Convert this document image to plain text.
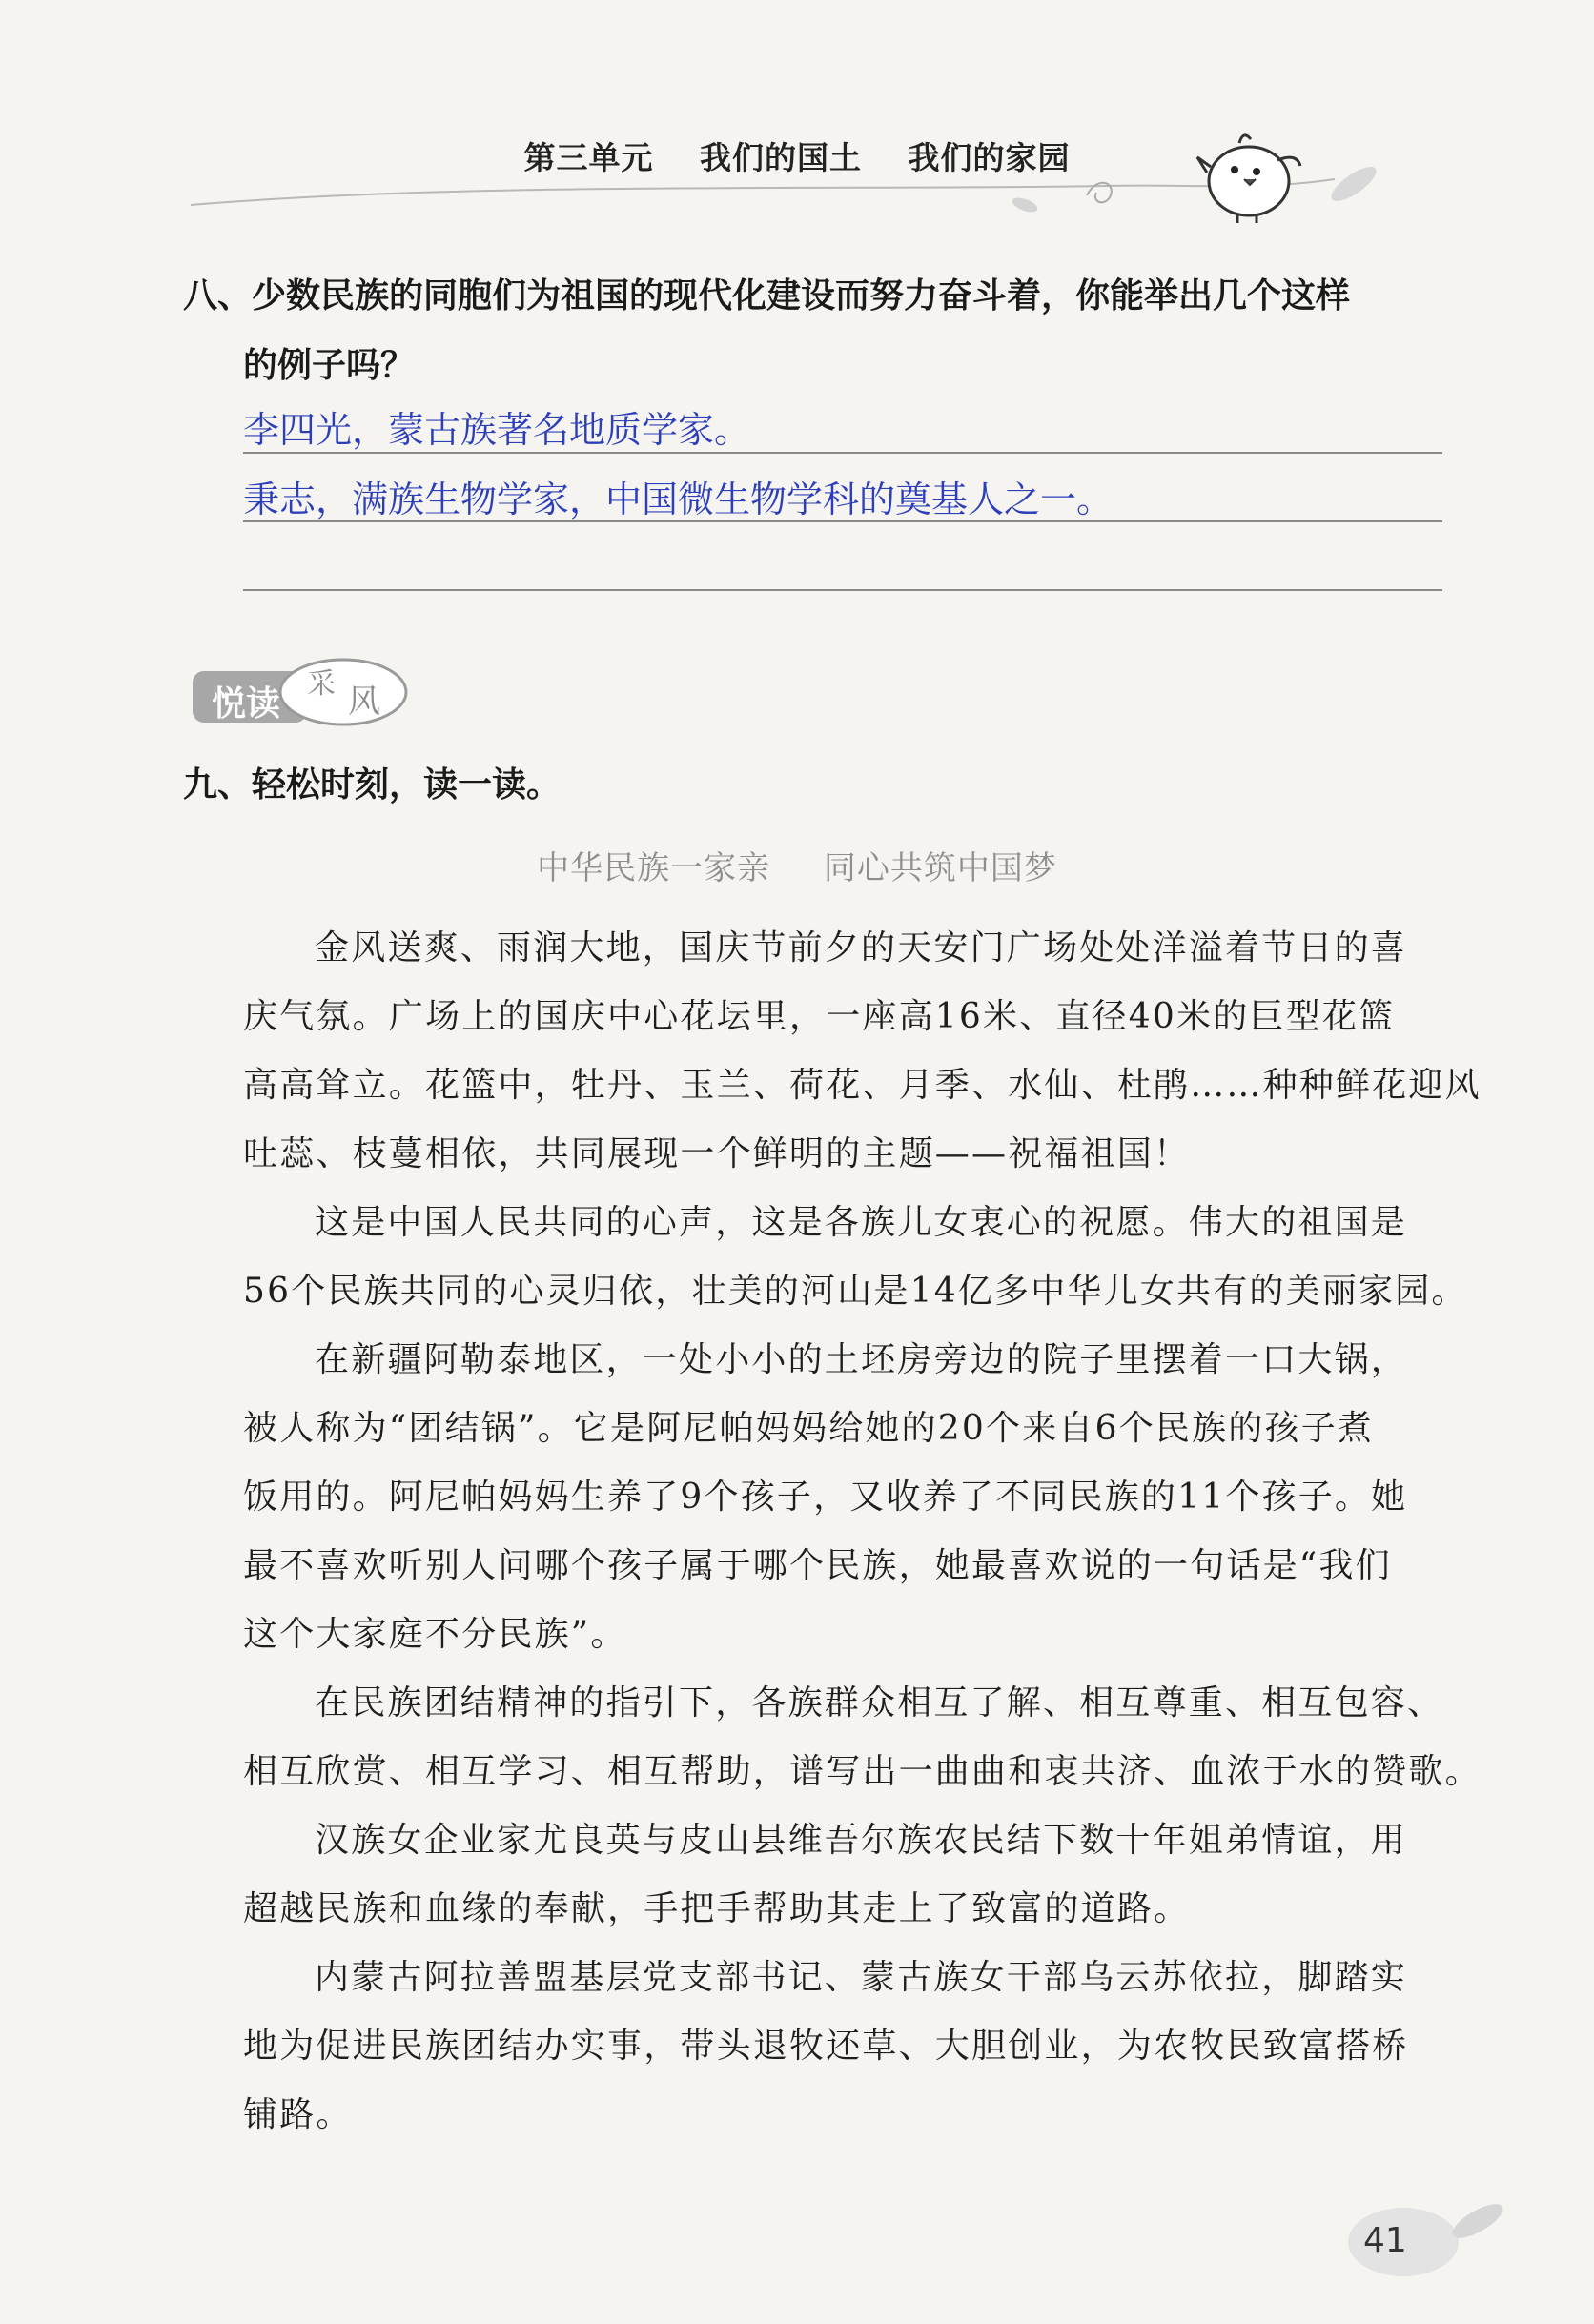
第三单元 我们的国土 我们的家园
八、少数民族的同胞们为祖国的现代化建设而努力奋斗着，你能举出几个这样
的例子吗？
李四光，蒙古族著名地质学家。
秉志，满族生物学家，中国微生物学科的奠基人之一。
悦读
采 风
九、轻松时刻，读一读。
中华民族一家亲 同心共筑中国梦
金风送爽、雨润大地，国庆节前夕的天安门广场处处洋溢着节日的喜
庆气氛。广场上的国庆中心花坛里，一座高16米、直径40米的巨型花篮
高高耸立。花篮中，牡丹、玉兰、荷花、月季、水仙、杜鹃……种种鲜花迎风
吐蕊、枝蔓相依，共同展现一个鲜明的主题——祝福祖国！
这是中国人民共同的心声，这是各族儿女衷心的祝愿。伟大的祖国是
56个民族共同的心灵归依，壮美的河山是14亿多中华儿女共有的美丽家园。
在新疆阿勒泰地区，一处小小的土坯房旁边的院子里摆着一口大锅，
被人称为“团结锅”。它是阿尼帕妈妈给她的20个来自6个民族的孩子煮
饭用的。阿尼帕妈妈生养了9个孩子，又收养了不同民族的11个孩子。她
最不喜欢听别人问哪个孩子属于哪个民族，她最喜欢说的一句话是“我们
这个大家庭不分民族”。
在民族团结精神的指引下，各族群众相互了解、相互尊重、相互包容、
相互欣赏、相互学习、相互帮助，谱写出一曲曲和衷共济、血浓于水的赞歌。
汉族女企业家尤良英与皮山县维吾尔族农民结下数十年姐弟情谊，用
超越民族和血缘的奉献，手把手帮助其走上了致富的道路。
内蒙古阿拉善盟基层党支部书记、蒙古族女干部乌云苏依拉，脚踏实
地为促进民族团结办实事，带头退牧还草、大胆创业，为农牧民致富搭桥
铺路。
41
